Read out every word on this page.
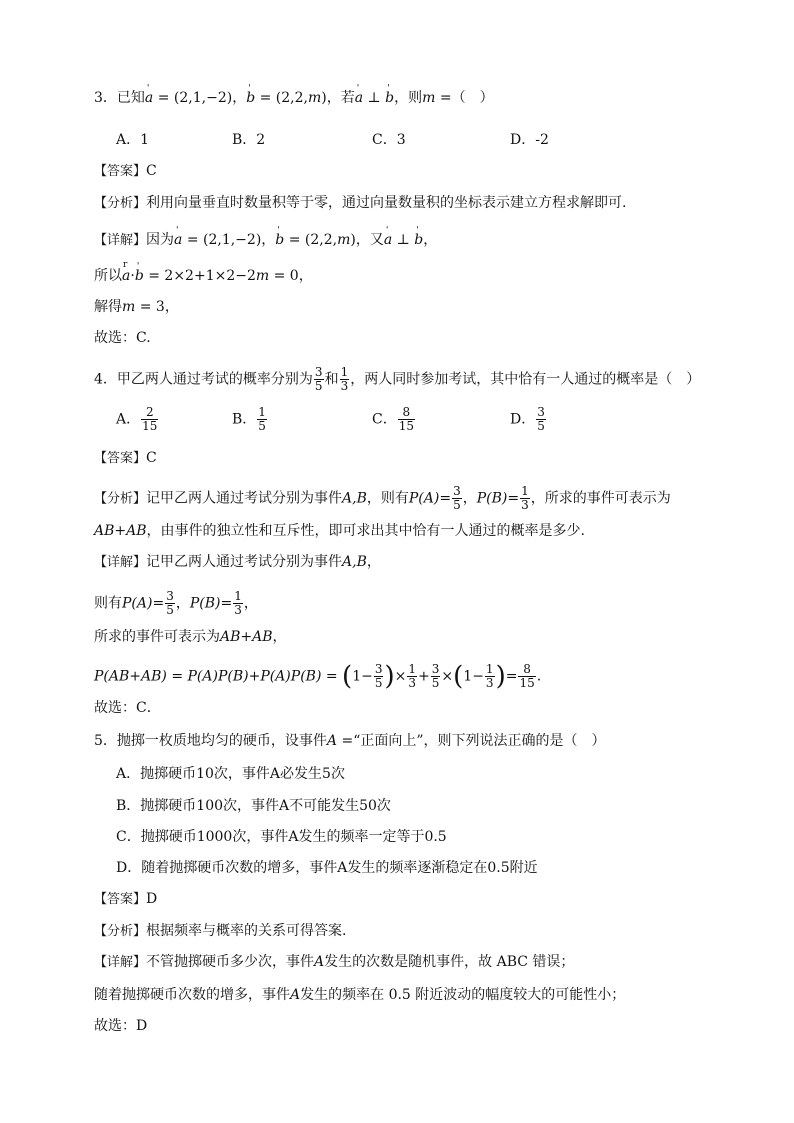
3．已知' a = (2,1,−2)，' b = (2,2,m)，若' a ⊥ ' b，则m =（　）
A．1	B．2	C．3	D．-2
【答案】C
【分析】利用向量垂直时数量积等于零，通过向量数量积的坐标表示建立方程求解即可.
【详解】因为' a = (2,1,−2)，' b = (2,2,m)，又' a ⊥ ' b，
所以
r
a·' b = 2×2+1×2−2m = 0，
解得m = 3，
故选：C.
4．甲乙两人通过考试的概率分别为 $\frac{3}{5}$ 和 $\frac{1}{3}$ ，两人同时参加考试，其中恰有一人通过的概率是（　）
A． $\frac{2}{15}$	B． $\frac{1}{5}$	C． $\frac{8}{15}$	D． $\frac{3}{5}$
【答案】C
【分析】记甲乙两人通过考试分别为事件A,B，则有$P(A)= \frac{3}{5}$ ，$P(B)= \frac{1}{3}$ ，所求的事件可表示为
AB+AB，由事件的独立性和互斥性，即可求出其中恰有一人通过的概率是多少.
【详解】记甲乙两人通过考试分别为事件A,B，
则有$P(A)= \frac{3}{5}$ ，$P(B)= \frac{1}{3}$ ，
所求的事件可表示为AB+AB，
$P(AB+AB) = P(A)P(B)+P(A)P(B) = (1- \frac{3}{5}$ )× $\frac{1}{3} + \frac{3}{5} \times(1- \frac{1}{3}$ )= $\frac{8}{15}$ .
故选：C．
5．抛掷一枚质地均匀的硬币，设事件A =“正面向上”，则下列说法正确的是（　）
A．抛掷硬币10次，事件A必发生5次
B．抛掷硬币100次，事件A不可能发生50次
C．抛掷硬币1000次，事件A发生的频率一定等于0.5
D．随着抛掷硬币次数的增多，事件A发生的频率逐渐稳定在0.5附近
【答案】D
【分析】根据频率与概率的关系可得答案.
【详解】不管抛掷硬币多少次，事件A发生的次数是随机事件，故 ABC 错误；
随着抛掷硬币次数的增多，事件A发生的频率在 0.5 附近波动的幅度较大的可能性小；
故选：D
